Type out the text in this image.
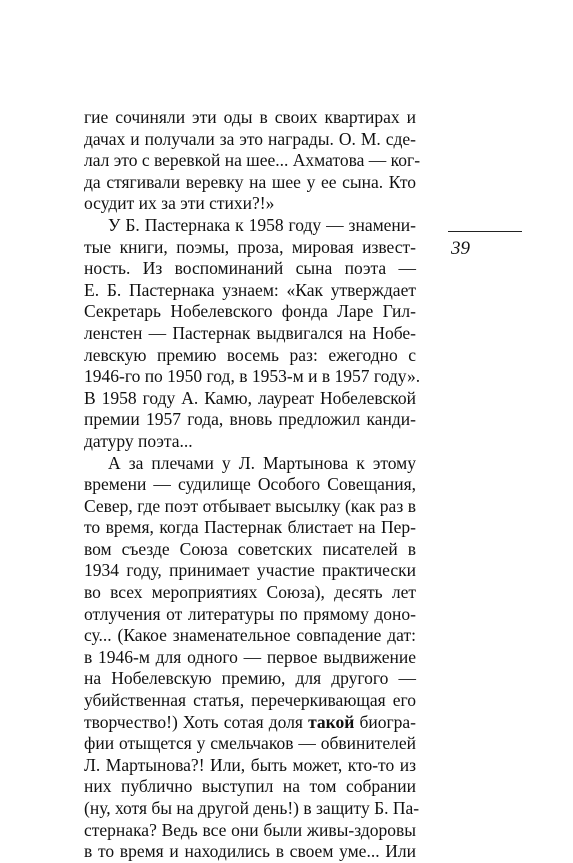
39
гие сочиняли эти оды в своих квартирах и
дачах и получали за это награды. О. М. сде-
лал это с веревкой на шее... Ахматова — ког-
да стягивали веревку на шее у ее сына. Кто
осудит их за эти стихи?!»
У Б. Пастернака к 1958 году — знамени-
тые книги, поэмы, проза, мировая извест-
ность. Из воспоминаний сына поэта —
Е. Б. Пастернака узнаем: «Как утверждает
Секретарь Нобелевского фонда Ларе Гил-
ленстен — Пастернак выдвигался на Нобе-
левскую премию восемь раз: ежегодно с
1946-го по 1950 год, в 1953-м и в 1957 году».
В 1958 году А. Камю, лауреат Нобелевской
премии 1957 года, вновь предложил канди-
датуру поэта...
А за плечами у Л. Мартынова к этому
времени — судилище Особого Совещания,
Север, где поэт отбывает высылку (как раз в
то время, когда Пастернак блистает на Пер-
вом съезде Союза советских писателей в
1934 году, принимает участие практически
во всех мероприятиях Союза), десять лет
отлучения от литературы по прямому доно-
су... (Какое знаменательное совпадение дат:
в 1946-м для одного — первое выдвижение
на Нобелевскую премию, для другого —
убийственная статья, перечеркивающая его
творчество!) Хоть сотая доля такой биогра-
фии отыщется у смельчаков — обвинителей
Л. Мартынова?! Или, быть может, кто-то из
них публично выступил на том собрании
(ну, хотя бы на другой день!) в защиту Б. Па-
стернака? Ведь все они были живы-здоровы
в то время и находились в своем уме... Или
